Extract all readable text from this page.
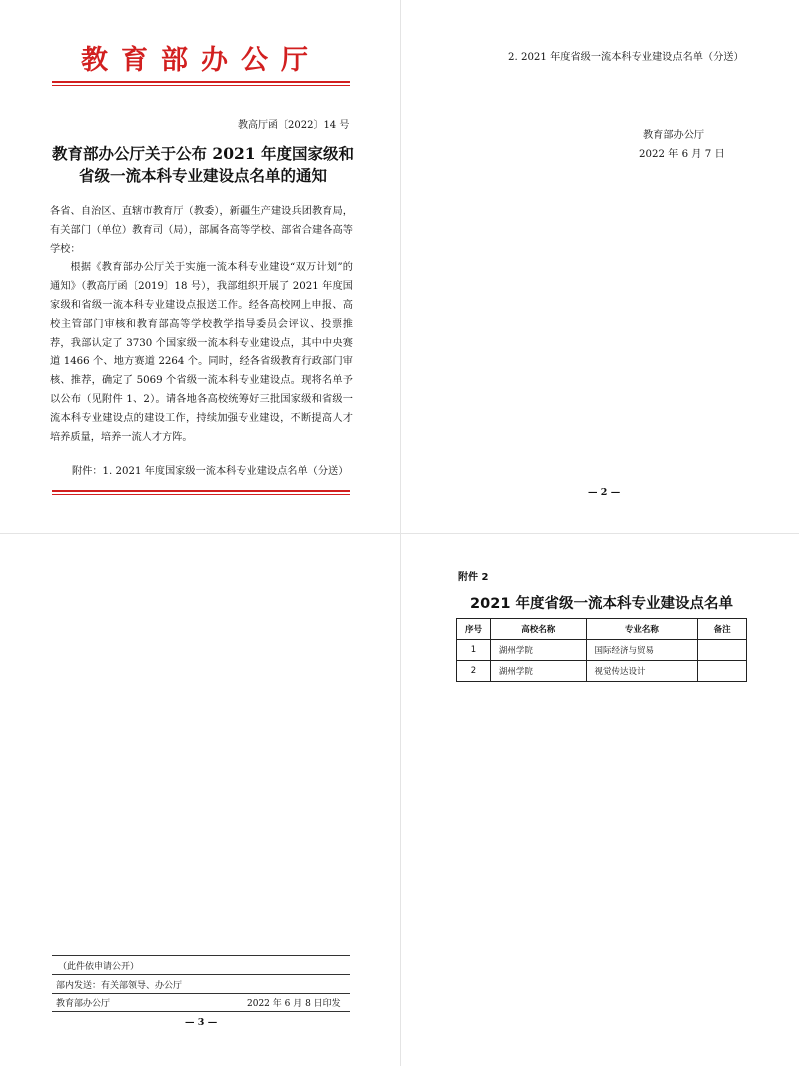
教育部办公厅
教高厅函〔2022〕14 号
教育部办公厅关于公布 2021 年度国家级和
省级一流本科专业建设点名单的通知

各省、自治区、直辖市教育厅（教委），新疆生产建设兵团教育局，有关部门（单位）教育司（局），部属各高等学校、部省合建各高等学校：

根据《教育部办公厅关于实施一流本科专业建设“双万计划”的通知》（教高厅函〔2019〕18 号），我部组织开展了 2021 年度国家级和省级一流本科专业建设点报送工作。经各高校网上申报、高校主管部门审核和教育部高等学校教学指导委员会评议、投票推荐，我部认定了 3730 个国家级一流本科专业建设点，其中中央赛道 1466 个、地方赛道 2264 个。同时，经各省级教育行政部门审核、推荐，确定了 5069 个省级一流本科专业建设点。现将名单予以公布（见附件 1、2）。请各地各高校统筹好三批国家级和省级一流本科专业建设点的建设工作，持续加强专业建设，不断提高人才培养质量，培养一流人才方阵。

附件：1. 2021 年度国家级一流本科专业建设点名单（分送）
2. 2021 年度省级一流本科专业建设点名单（分送）
教育部办公厅
2022 年 6 月 7 日
— 2 —
（此件依申请公开）
部内发送：有关部领导、办公厅
教育部办公厅	2022 年 6 月 8 日印发
— 3 —
附件 2
2021 年度省级一流本科专业建设点名单
序号	高校名称	专业名称	备注
1	湖州学院	国际经济与贸易	
2	湖州学院	视觉传达设计	
